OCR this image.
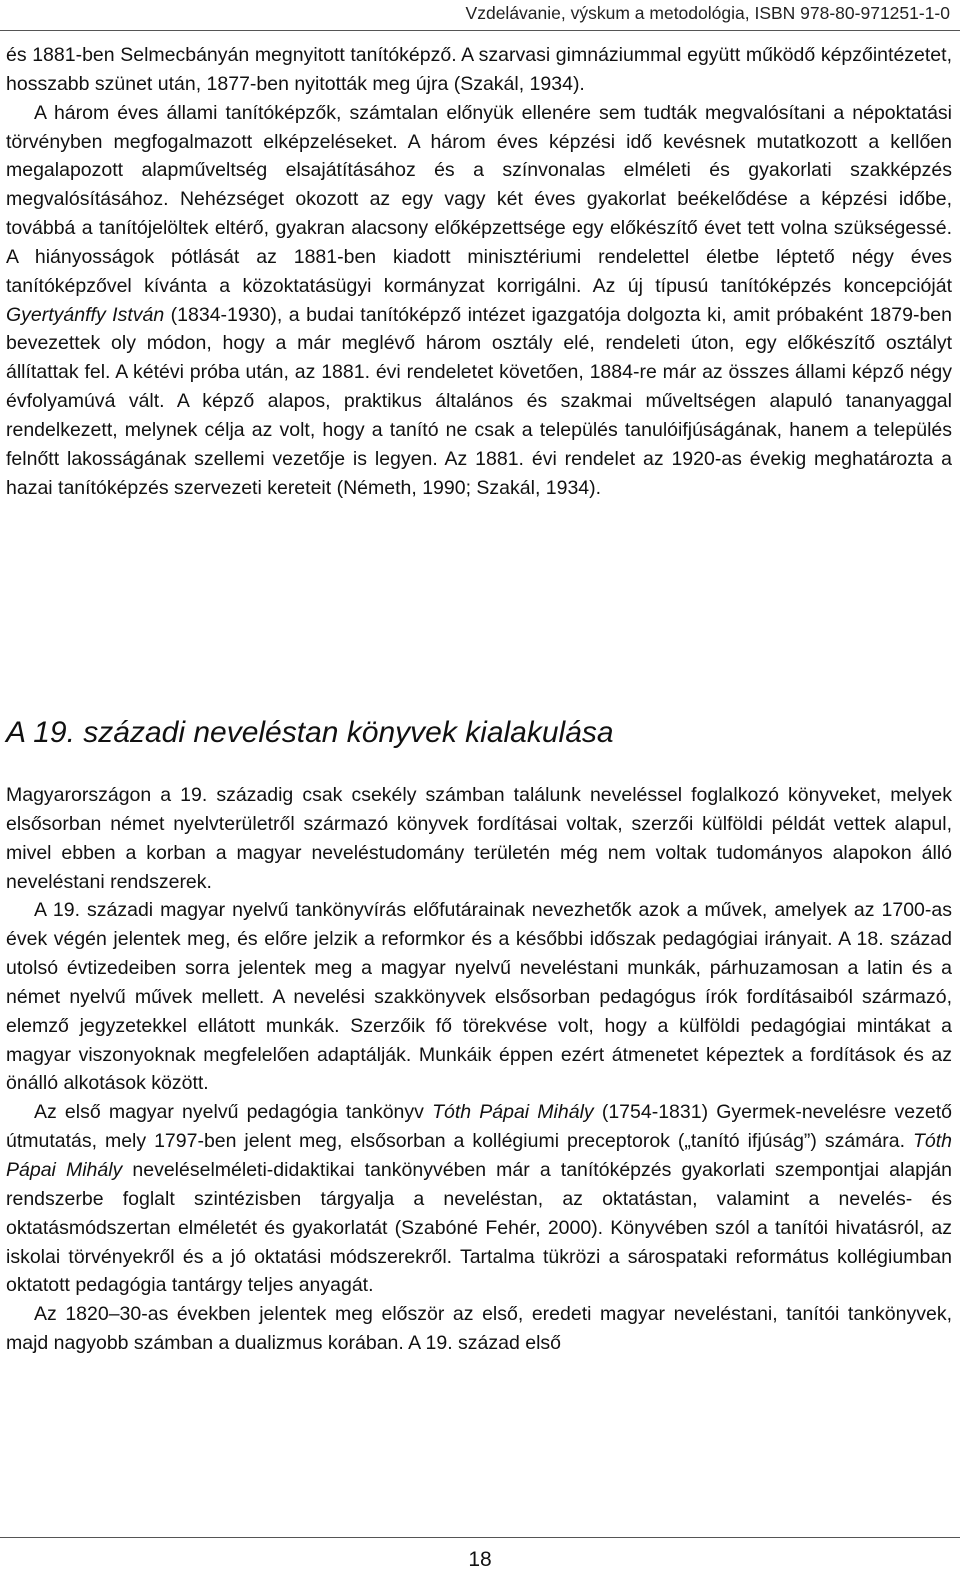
Vzdelávanie, výskum a metodológia, ISBN 978-80-971251-1-0

és 1881-ben Selmecbányán megnyitott tanítóképző. A szarvasi gimnáziummal együtt működő képzőintézetet, hosszabb szünet után, 1877-ben nyitották meg újra (Szakál, 1934).

A három éves állami tanítóképzők, számtalan előnyük ellenére sem tudták megvalósítani a népoktatási törvényben megfogalmazott elképzeléseket. A három éves képzési idő kevésnek mutatkozott a kellően megalapozott alapműveltség elsajátításához és a színvonalas elméleti és gyakorlati szakképzés megvalósításához. Nehézséget okozott az egy vagy két éves gyakorlat beékelődése a képzési időbe, továbbá a tanítójelöltek eltérő, gyakran alacsony előképzettsége egy előkészítő évet tett volna szükségessé. A hiányosságok pótlását az 1881-ben kiadott minisztériumi rendelettel életbe léptető négy éves tanítóképzővel kívánta a közoktatásügyi kormányzat korrigálni. Az új típusú tanítóképzés koncepcióját Gyertyánffy István (1834-1930), a budai tanítóképző intézet igazgatója dolgozta ki, amit próbaként 1879-ben bevezettek oly módon, hogy a már meglévő három osztály elé, rendeleti úton, egy előkészítő osztályt állítattak fel. A kétévi próba után, az 1881. évi rendeletet követően, 1884-re már az összes állami képző négy évfolyamúvá vált. A képző alapos, praktikus általános és szakmai műveltségen alapuló tananyaggal rendelkezett, melynek célja az volt, hogy a tanító ne csak a település tanulóifjúságának, hanem a település felnőtt lakosságának szellemi vezetője is legyen. Az 1881. évi rendelet az 1920-as évekig meghatározta a hazai tanítóképzés szervezeti kereteit (Németh, 1990; Szakál, 1934).

A 19. századi neveléstan könyvek kialakulása

Magyarországon a 19. századig csak csekély számban találunk neveléssel foglalkozó könyveket, melyek elsősorban német nyelvterületről származó könyvek fordításai voltak, szerzői külföldi példát vettek alapul, mivel ebben a korban a magyar neveléstudomány területén még nem voltak tudományos alapokon álló neveléstani rendszerek.

A 19. századi magyar nyelvű tankönyvírás előfutárainak nevezhetők azok a művek, amelyek az 1700-as évek végén jelentek meg, és előre jelzik a reformkor és a későbbi időszak pedagógiai irányait. A 18. század utolsó évtizedeiben sorra jelentek meg a magyar nyelvű neveléstani munkák, párhuzamosan a latin és a német nyelvű művek mellett. A nevelési szakkönyvek elsősorban pedagógus írók fordításaiból származó, elemző jegyzetekkel ellátott munkák. Szerzőik fő törekvése volt, hogy a külföldi pedagógiai mintákat a magyar viszonyoknak megfelelően adaptálják. Munkáik éppen ezért átmenetet képeztek a fordítások és az önálló alkotások között.

Az első magyar nyelvű pedagógia tankönyv Tóth Pápai Mihály (1754-1831) Gyermek-nevelésre vezető útmutatás, mely 1797-ben jelent meg, elsősorban a kollégiumi preceptorok („tanító ifjúság”) számára. Tóth Pápai Mihály neveléselméleti-didaktikai tankönyvében már a tanítóképzés gyakorlati szempontjai alapján rendszerbe foglalt szintézisben tárgyalja a neveléstan, az oktatástan, valamint a nevelés- és oktatásmódszertan elméletét és gyakorlatát (Szabóné Fehér, 2000). Könyvében szól a tanítói hivatásról, az iskolai törvényekről és a jó oktatási módszerekről. Tartalma tükrözi a sárospataki református kollégiumban oktatott pedagógia tantárgy teljes anyagát.

Az 1820–30-as években jelentek meg először az első, eredeti magyar neveléstani, tanítói tankönyvek, majd nagyobb számban a dualizmus korában. A 19. század első

18
